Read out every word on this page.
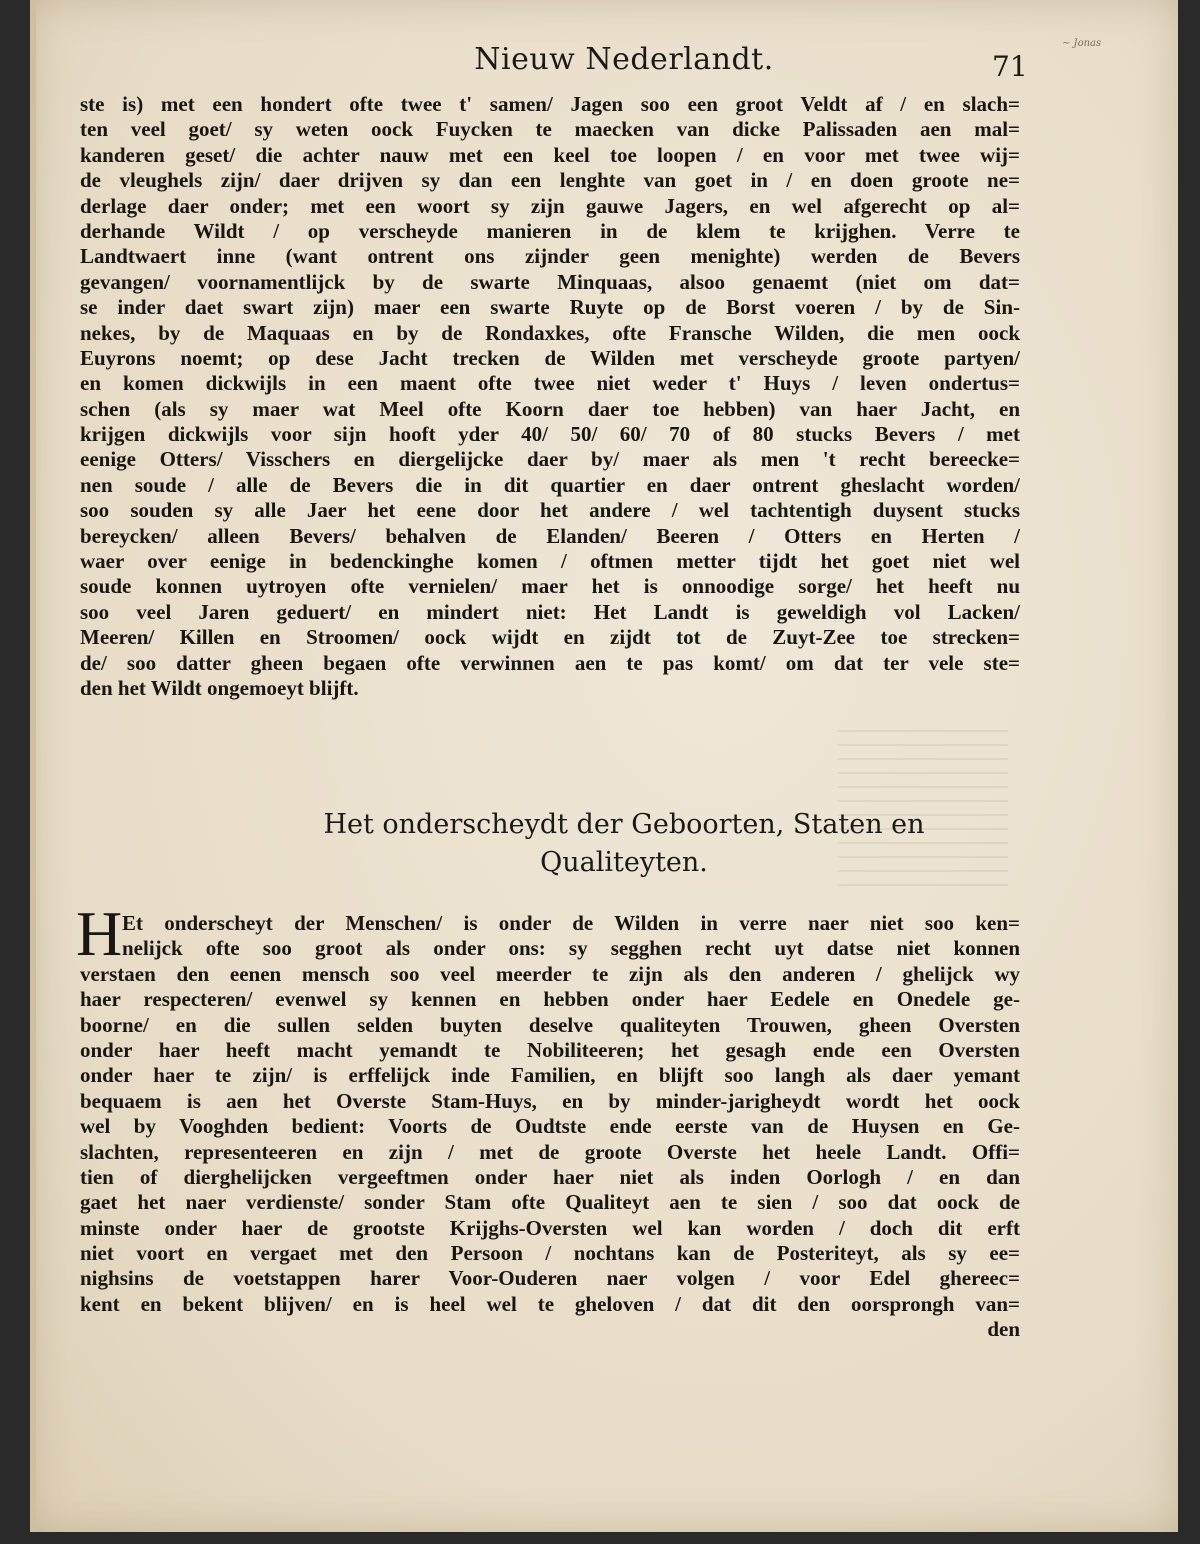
Nieuw Nederlandt.	71
~ Jonas
ste is) met een hondert ofte twee t' samen/ Jagen soo een groot Veldt af / en slach=
ten veel goet/ sy weten oock Fuycken te maecken van dicke Palissaden aen mal=
kanderen geset/ die achter nauw met een keel toe loopen / en voor met twee wij=
de vleughels zijn/ daer drijven sy dan een lenghte van goet in / en doen groote ne=
derlage daer onder; met een woort sy zijn gauwe Jagers, en wel afgerecht op al=
derhande Wildt / op verscheyde manieren in de klem te krijghen. Verre te
Landtwaert inne (want ontrent ons zijnder geen menighte) werden de Bevers
gevangen/ voornamentlijck by de swarte Minquaas, alsoo genaemt (niet om dat=
se inder daet swart zijn) maer een swarte Ruyte op de Borst voeren / by de Sin-
nekes, by de Maquaas en by de Rondaxkes, ofte Fransche Wilden, die men oock
Euyrons noemt; op dese Jacht trecken de Wilden met verscheyde groote partyen/
en komen dickwijls in een maent ofte twee niet weder t' Huys / leven ondertus=
schen (als sy maer wat Meel ofte Koorn daer toe hebben) van haer Jacht, en
krijgen dickwijls voor sijn hooft yder 40/ 50/ 60/ 70 of 80 stucks Bevers / met
eenige Otters/ Visschers en diergelijcke daer by/ maer als men 't recht bereecke=
nen soude / alle de Bevers die in dit quartier en daer ontrent gheslacht worden/
soo souden sy alle Jaer het eene door het andere / wel tachtentigh duysent stucks
bereycken/ alleen Bevers/ behalven de Elanden/ Beeren / Otters en Herten /
waer over eenige in bedenckinghe komen / oftmen metter tijdt het goet niet wel
soude konnen uytroyen ofte vernielen/ maer het is onnoodige sorge/ het heeft nu
soo veel Jaren geduert/ en mindert niet: Het Landt is geweldigh vol Lacken/
Meeren/ Killen en Stroomen/ oock wijdt en zijdt tot de Zuyt-Zee toe strecken=
de/ soo datter gheen begaen ofte verwinnen aen te pas komt/ om dat ter vele ste=
den het Wildt ongemoeyt blijft.
Het onderscheydt der Geboorten, Staten en
Qualiteyten.
H Et onderscheyt der Menschen/ is onder de Wilden in verre naer niet soo ken=
nelijck ofte soo groot als onder ons: sy segghen recht uyt datse niet konnen
verstaen den eenen mensch soo veel meerder te zijn als den anderen / ghelijck wy
haer respecteren/ evenwel sy kennen en hebben onder haer Eedele en Onedele ge-
boorne/ en die sullen selden buyten deselve qualiteyten Trouwen, gheen Oversten
onder haer heeft macht yemandt te Nobiliteeren; het gesagh ende een Oversten
onder haer te zijn/ is erffelijck inde Familien, en blijft soo langh als daer yemant
bequaem is aen het Overste Stam-Huys, en by minder-jarigheydt wordt het oock
wel by Vooghden bedient: Voorts de Oudtste ende eerste van de Huysen en Ge-
slachten, representeeren en zijn / met de groote Overste het heele Landt. Offi=
tien of dierghelijcken vergeeftmen onder haer niet als inden Oorlogh / en dan
gaet het naer verdienste/ sonder Stam ofte Qualiteyt aen te sien / soo dat oock de
minste onder haer de grootste Krijghs-Oversten wel kan worden / doch dit erft
niet voort en vergaet met den Persoon / nochtans kan de Posteriteyt, als sy ee=
nighsins de voetstappen harer Voor-Ouderen naer volgen / voor Edel ghereec=
kent en bekent blijven/ en is heel wel te gheloven / dat dit den oorsprongh van=
den
